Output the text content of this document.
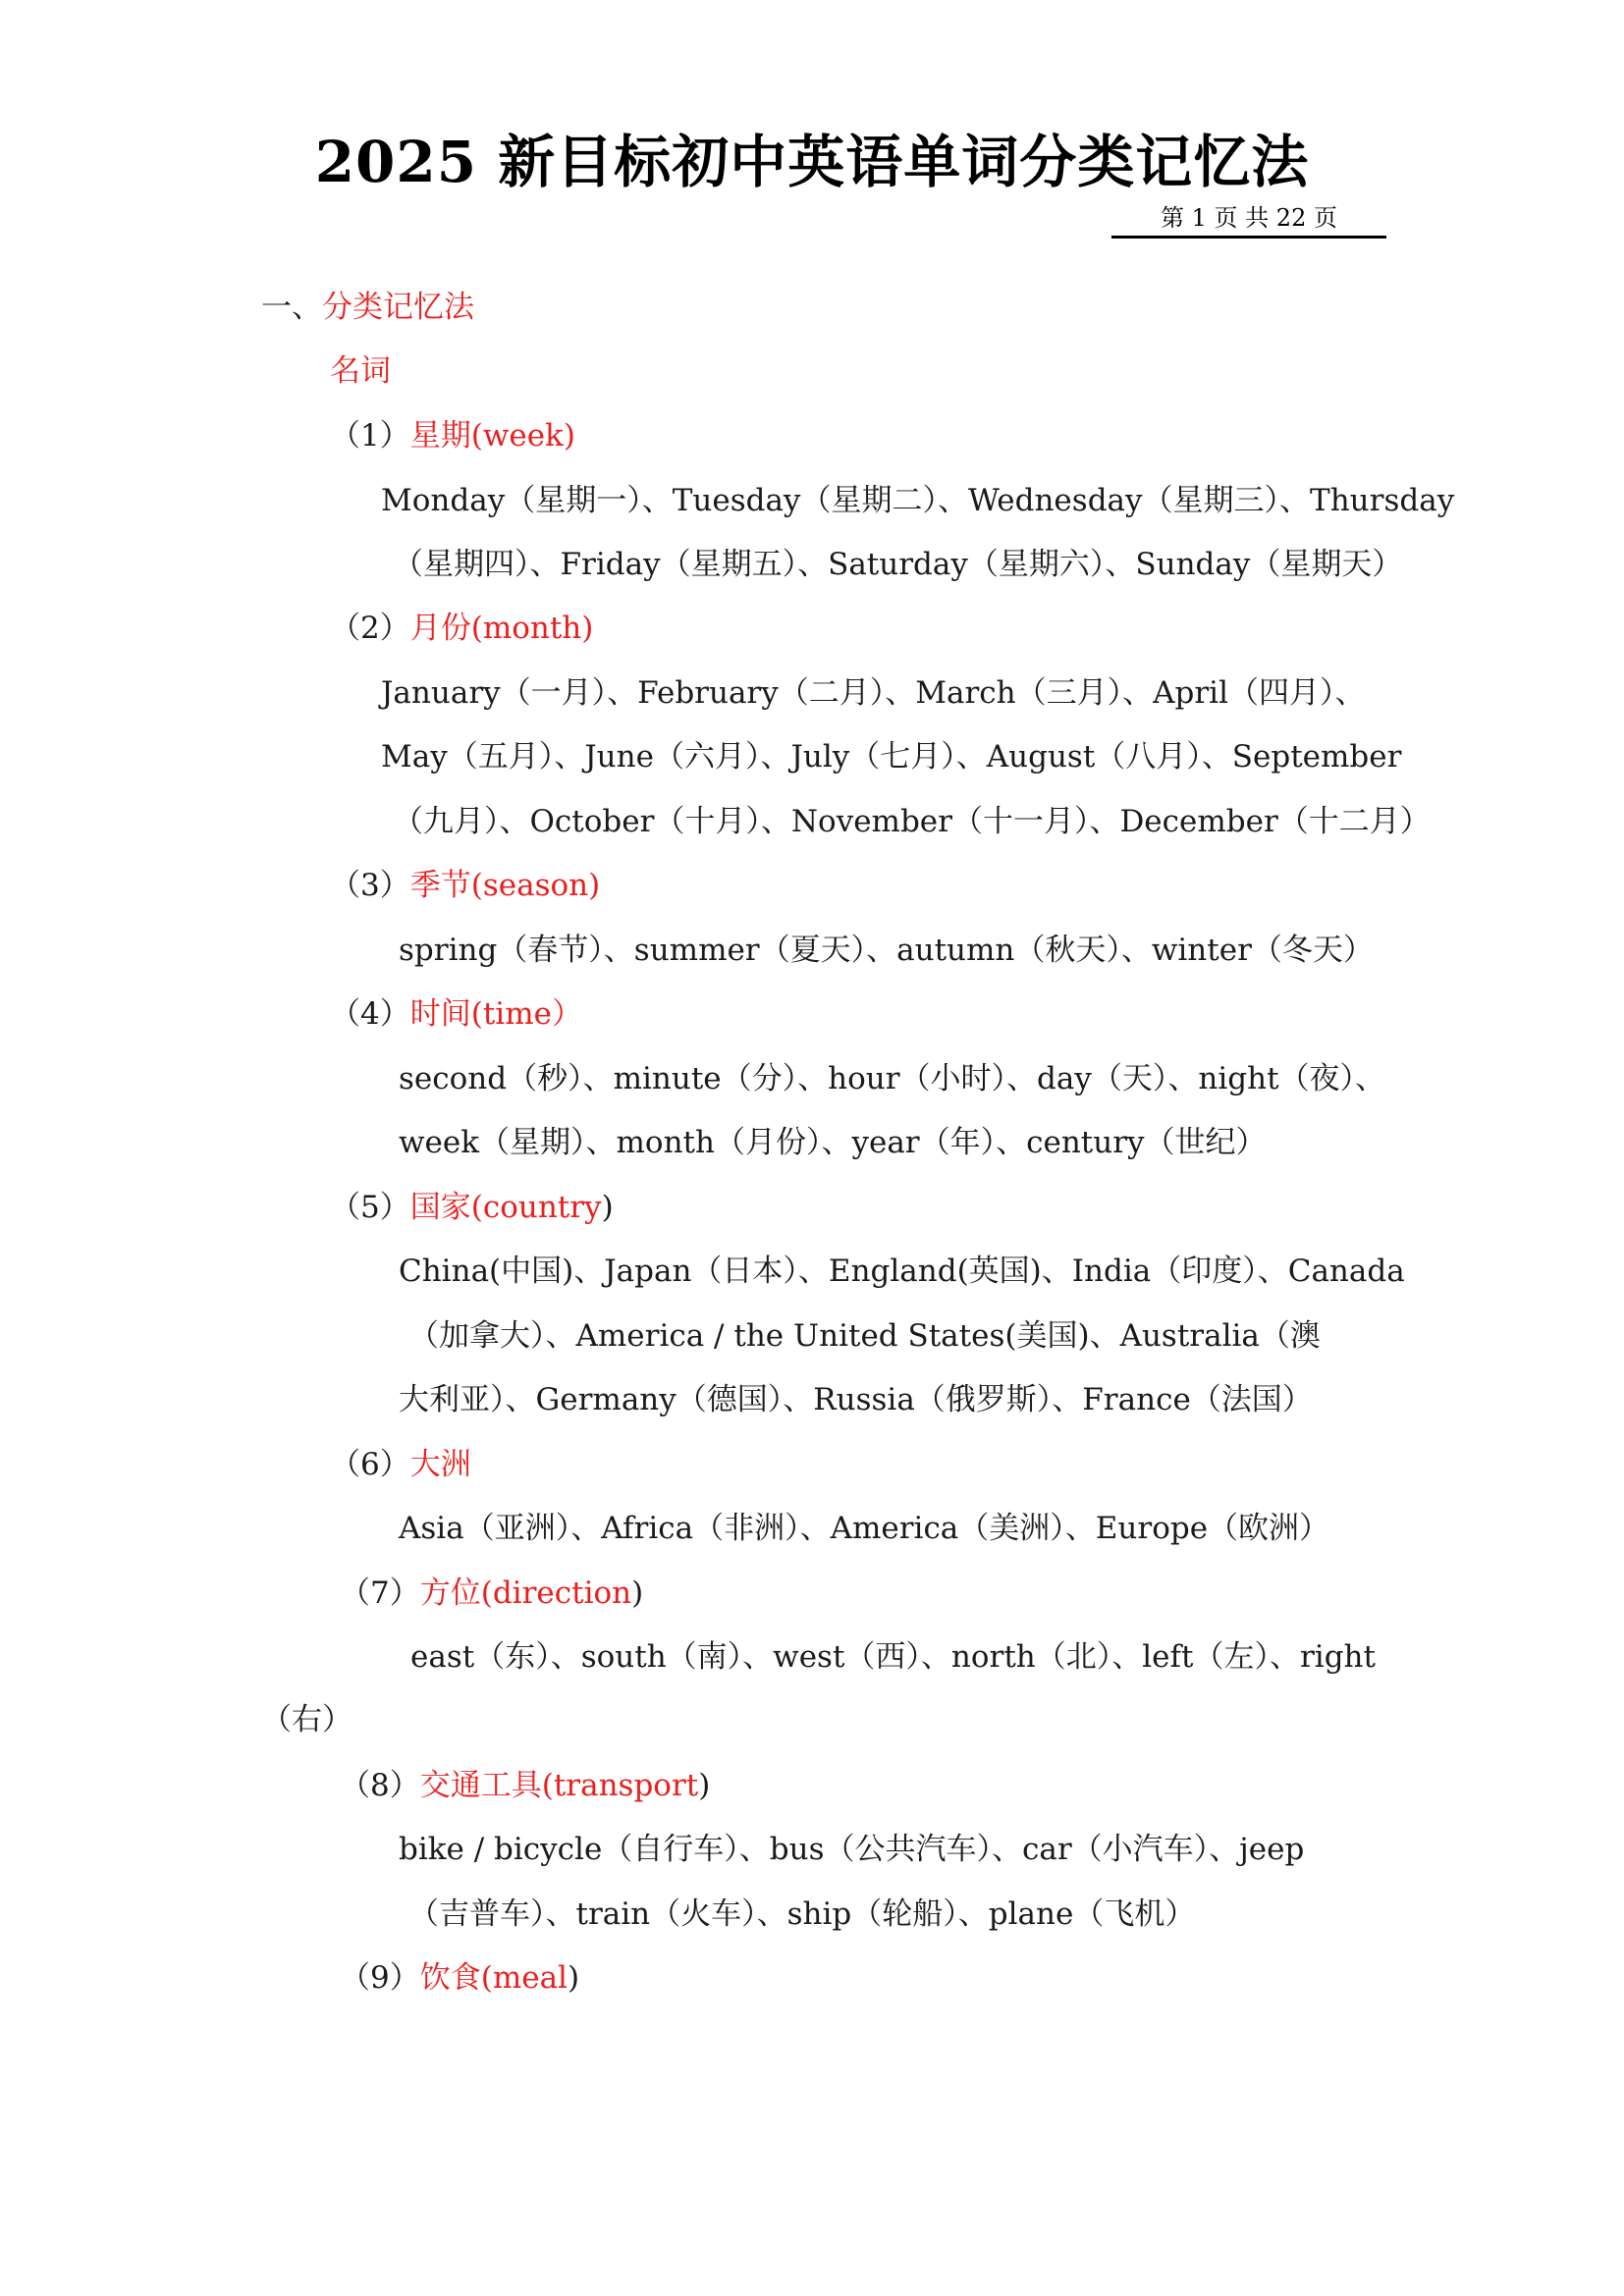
2025 新目标初中英语单词分类记忆法
第 1 页 共 22 页
一、分类记忆法
名词
（1）星期(week)
Monday（星期一）、Tuesday（星期二）、Wednesday（星期三）、Thursday
（星期四）、Friday（星期五）、Saturday（星期六）、Sunday（星期天）
（2）月份(month)
January（一月）、February（二月）、March（三月）、April（四月）、
May（五月）、June（六月）、July（七月）、August（八月）、September
（九月）、October（十月）、November（十一月）、December（十二月）
（3）季节(season)
spring（春节）、summer（夏天）、autumn（秋天）、winter（冬天）
（4）时间(time）
second（秒）、minute（分）、hour（小时）、day（天）、night（夜）、
week（星期）、month（月份）、year（年）、century（世纪）
（5）国家(country)
China(中国)、Japan（日本）、England(英国)、India（印度）、Canada
（加拿大）、America / the United States(美国)、Australia（澳
大利亚）、Germany（德国）、Russia（俄罗斯）、France（法国）
（6）大洲
Asia（亚洲）、Africa（非洲）、America（美洲）、Europe（欧洲）
（7）方位(direction)
east（东）、south（南）、west（西）、north（北）、left（左）、right
（右）
（8）交通工具(transport)
bike / bicycle（自行车）、bus（公共汽车）、car（小汽车）、jeep
（吉普车）、train（火车）、ship（轮船）、plane（飞机）
（9）饮食(meal)
